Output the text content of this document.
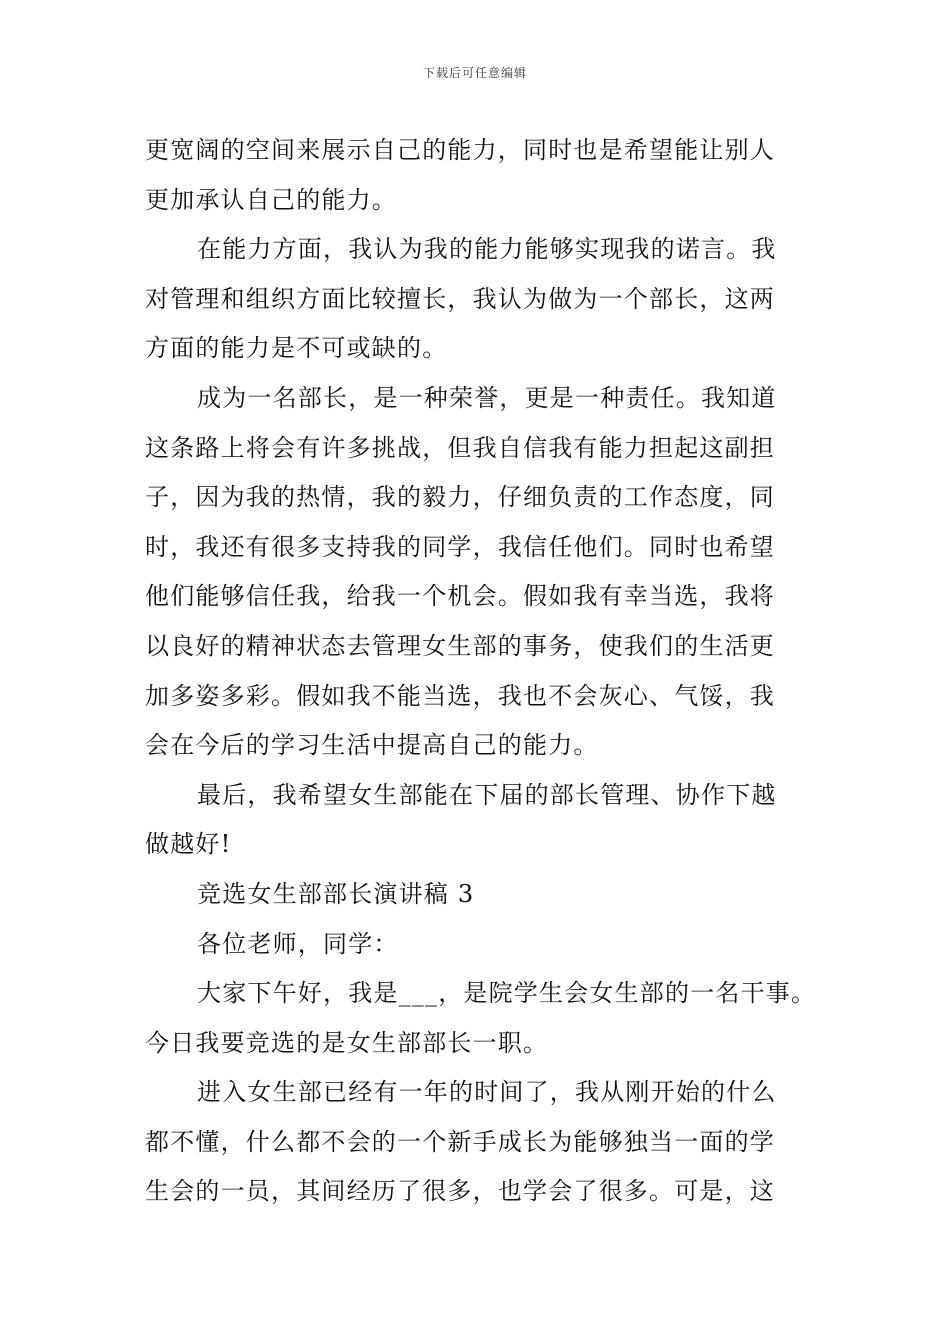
下载后可任意编辑
更宽阔的空间来展示自己的能力，同时也是希望能让别人
更加承认自己的能力。
在能力方面，我认为我的能力能够实现我的诺言。我
对管理和组织方面比较擅长，我认为做为一个部长，这两
方面的能力是不可或缺的。
成为一名部长，是一种荣誉，更是一种责任。我知道
这条路上将会有许多挑战，但我自信我有能力担起这副担
子，因为我的热情，我的毅力，仔细负责的工作态度，同
时，我还有很多支持我的同学，我信任他们。同时也希望
他们能够信任我，给我一个机会。假如我有幸当选，我将
以良好的精神状态去管理女生部的事务，使我们的生活更
加多姿多彩。假如我不能当选，我也不会灰心、气馁，我
会在今后的学习生活中提高自己的能力。
最后，我希望女生部能在下届的部长管理、协作下越
做越好!
竞选女生部部长演讲稿 3
各位老师，同学：
大家下午好，我是___，是院学生会女生部的一名干事。
今日我要竞选的是女生部部长一职。
进入女生部已经有一年的时间了，我从刚开始的什么
都不懂，什么都不会的一个新手成长为能够独当一面的学
生会的一员，其间经历了很多，也学会了很多。可是，这
